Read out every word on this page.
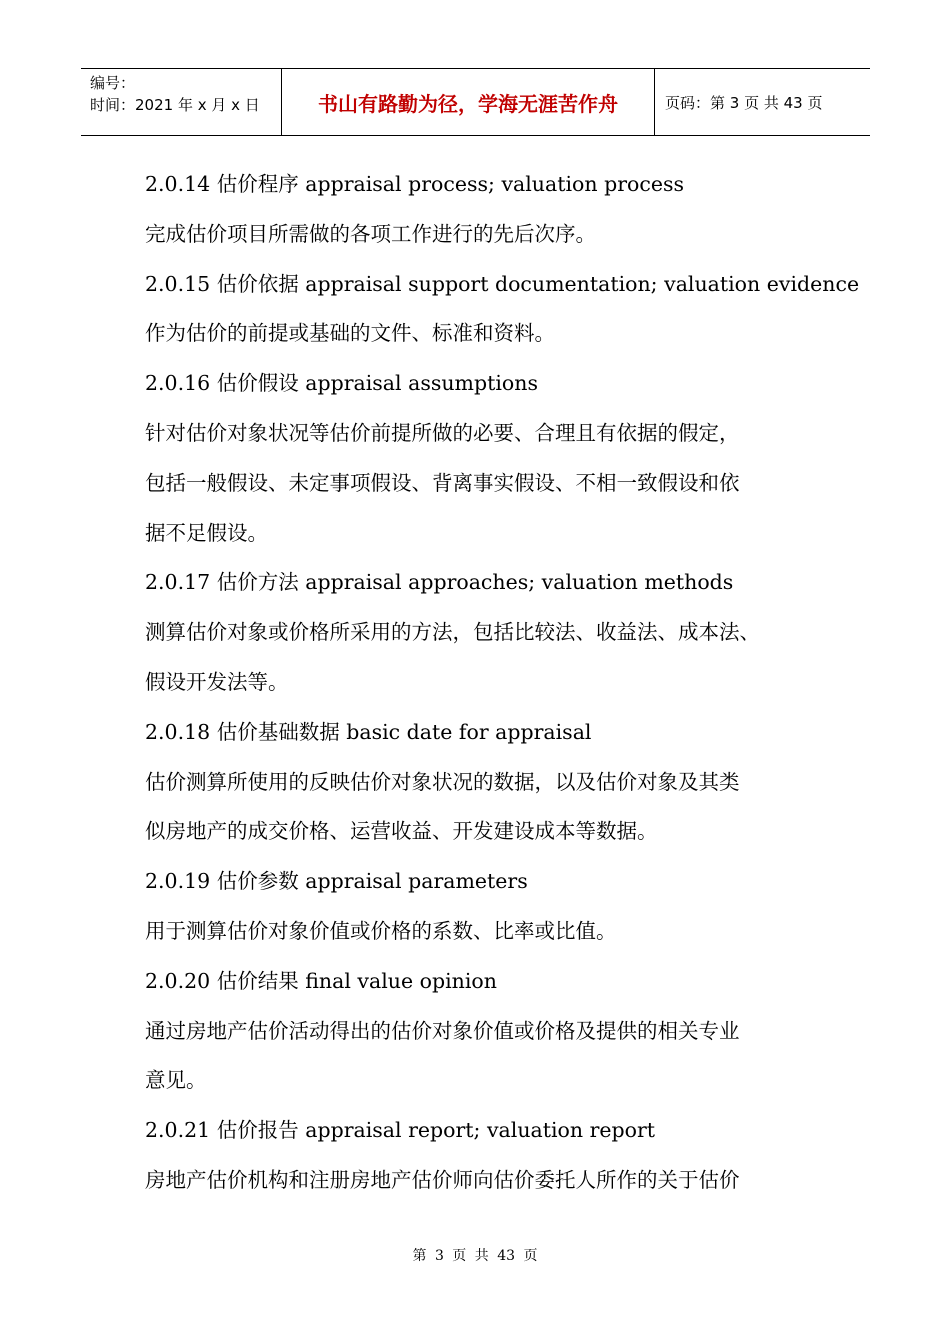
编号：
时间：2021 年 x 月 x 日	书山有路勤为径，学海无涯苦作舟	页码：第 3 页 共 43 页

2.0.14 估价程序 appraisal process; valuation process

完成估价项目所需做的各项工作进行的先后次序。

2.0.15 估价依据 appraisal support documentation; valuation evidence

作为估价的前提或基础的文件、标准和资料。

2.0.16 估价假设 appraisal assumptions

针对估价对象状况等估价前提所做的必要、合理且有依据的假定，

包括一般假设、未定事项假设、背离事实假设、不相一致假设和依

据不足假设。

2.0.17 估价方法 appraisal approaches; valuation methods

测算估价对象或价格所采用的方法，包括比较法、收益法、成本法、

假设开发法等。

2.0.18 估价基础数据 basic date for appraisal

估价测算所使用的反映估价对象状况的数据，以及估价对象及其类

似房地产的成交价格、运营收益、开发建设成本等数据。

2.0.19 估价参数 appraisal parameters

用于测算估价对象价值或价格的系数、比率或比值。

2.0.20 估价结果 final value opinion

通过房地产估价活动得出的估价对象价值或价格及提供的相关专业

意见。

2.0.21 估价报告 appraisal report; valuation report

房地产估价机构和注册房地产估价师向估价委托人所作的关于估价

第 3 页 共 43 页
